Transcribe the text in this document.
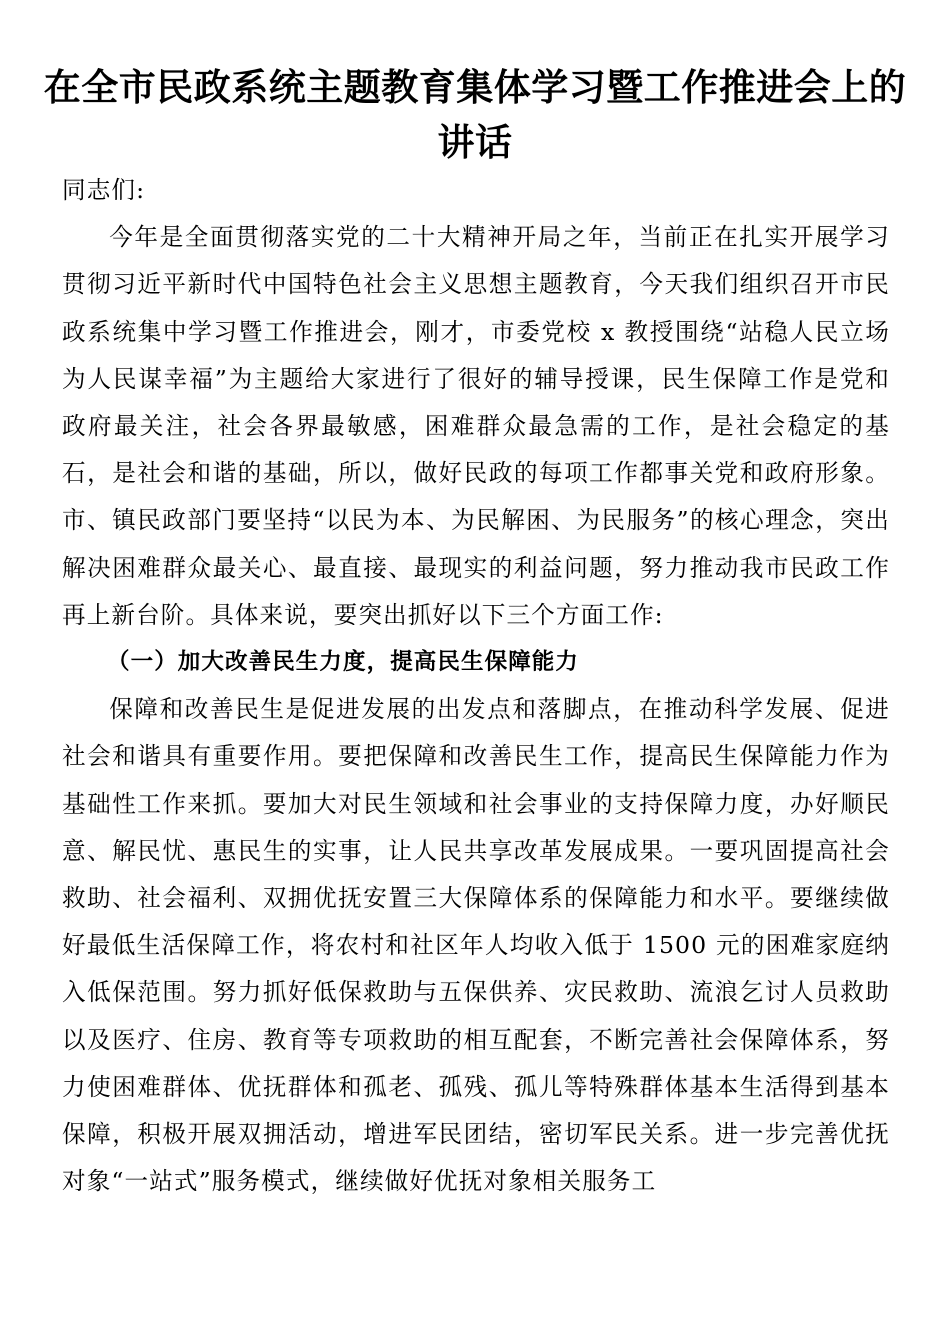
在全市民政系统主题教育集体学习暨工作推进会上的讲话

同志们:

今年是全面贯彻落实党的二十大精神开局之年，当前正在扎实开展学习贯彻习近平新时代中国特色社会主义思想主题教育，今天我们组织召开市民政系统集中学习暨工作推进会，刚才，市委党校 x 教授围绕“站稳人民立场 为人民谋幸福”为主题给大家进行了很好的辅导授课，民生保障工作是党和政府最关注，社会各界最敏感，困难群众最急需的工作，是社会稳定的基石，是社会和谐的基础，所以，做好民政的每项工作都事关党和政府形象。市、镇民政部门要坚持“以民为本、为民解困、为民服务”的核心理念，突出解决困难群众最关心、最直接、最现实的利益问题，努力推动我市民政工作再上新台阶。具体来说，要突出抓好以下三个方面工作:

（一）加大改善民生力度，提高民生保障能力

保障和改善民生是促进发展的出发点和落脚点，在推动科学发展、促进社会和谐具有重要作用。要把保障和改善民生工作，提高民生保障能力作为基础性工作来抓。要加大对民生领域和社会事业的支持保障力度，办好顺民意、解民忧、惠民生的实事，让人民共享改革发展成果。一要巩固提高社会救助、社会福利、双拥优抚安置三大保障体系的保障能力和水平。要继续做好最低生活保障工作，将农村和社区年人均收入低于 1500 元的困难家庭纳入低保范围。努力抓好低保救助与五保供养、灾民救助、流浪乞讨人员救助以及医疗、住房、教育等专项救助的相互配套，不断完善社会保障体系，努力使困难群体、优抚群体和孤老、孤残、孤儿等特殊群体基本生活得到基本保障，积极开展双拥活动，增进军民团结，密切军民关系。进一步完善优抚对象“一站式”服务模式，继续做好优抚对象相关服务工
